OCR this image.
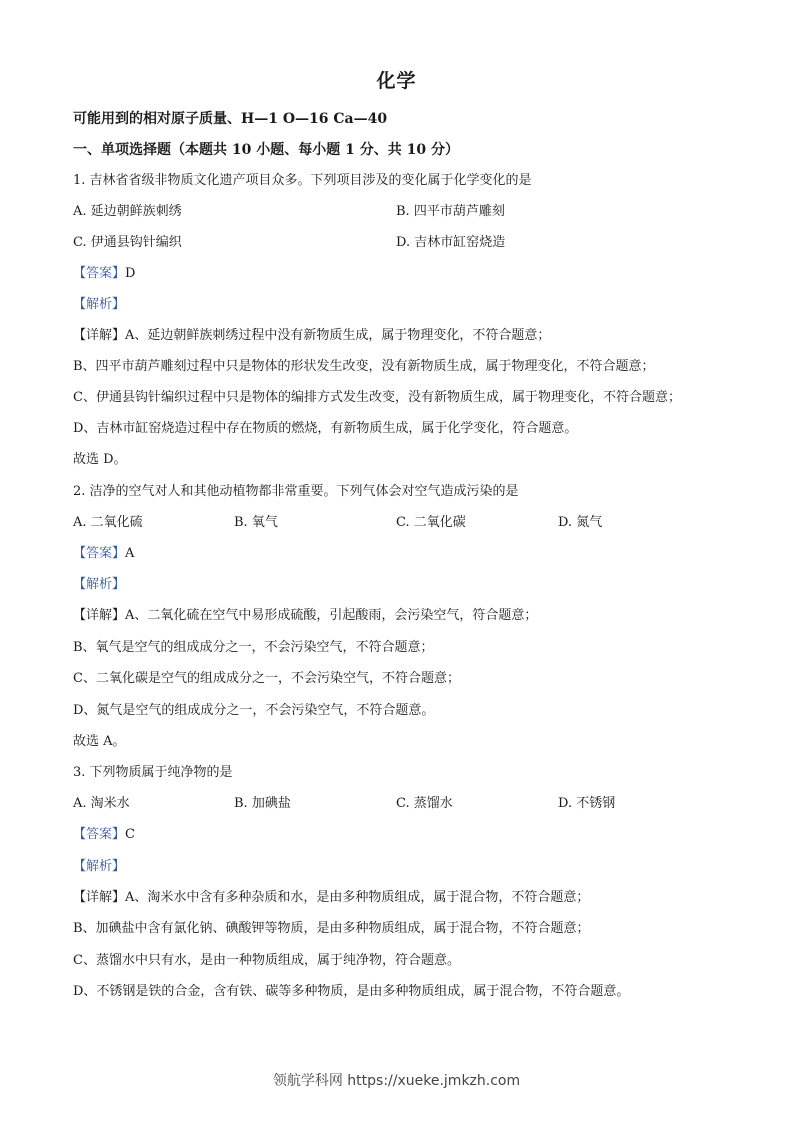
化学
可能用到的相对原子质量、H—1 O—16 Ca—40
一、单项选择题（本题共 10 小题、每小题 1 分、共 10 分）
1. 吉林省省级非物质文化遗产项目众多。下列项目涉及的变化属于化学变化的是
A. 延边朝鲜族刺绣	B. 四平市葫芦雕刻
C. 伊通县钩针编织	D. 吉林市缸窑烧造
【答案】D
【解析】
【详解】A、延边朝鲜族刺绣过程中没有新物质生成，属于物理变化，不符合题意；
B、四平市葫芦雕刻过程中只是物体的形状发生改变，没有新物质生成，属于物理变化，不符合题意；
C、伊通县钩针编织过程中只是物体的编排方式发生改变，没有新物质生成，属于物理变化，不符合题意；
D、吉林市缸窑烧造过程中存在物质的燃烧，有新物质生成，属于化学变化，符合题意。
故选 D。
2. 洁净的空气对人和其他动植物都非常重要。下列气体会对空气造成污染的是
A. 二氧化硫	B. 氧气	C. 二氧化碳	D. 氮气
【答案】A
【解析】
【详解】A、二氧化硫在空气中易形成硫酸，引起酸雨，会污染空气，符合题意；
B、氧气是空气的组成成分之一，不会污染空气，不符合题意；
C、二氧化碳是空气的组成成分之一，不会污染空气，不符合题意；
D、氮气是空气的组成成分之一，不会污染空气，不符合题意。
故选 A。
3. 下列物质属于纯净物的是
A. 淘米水	B. 加碘盐	C. 蒸馏水	D. 不锈钢
【答案】C
【解析】
【详解】A、淘米水中含有多种杂质和水，是由多种物质组成，属于混合物，不符合题意；
B、加碘盐中含有氯化钠、碘酸钾等物质，是由多种物质组成，属于混合物，不符合题意；
C、蒸馏水中只有水，是由一种物质组成，属于纯净物，符合题意。
D、不锈钢是铁的合金，含有铁、碳等多种物质，是由多种物质组成，属于混合物，不符合题意。
领航学科网 https://xueke.jmkzh.com
